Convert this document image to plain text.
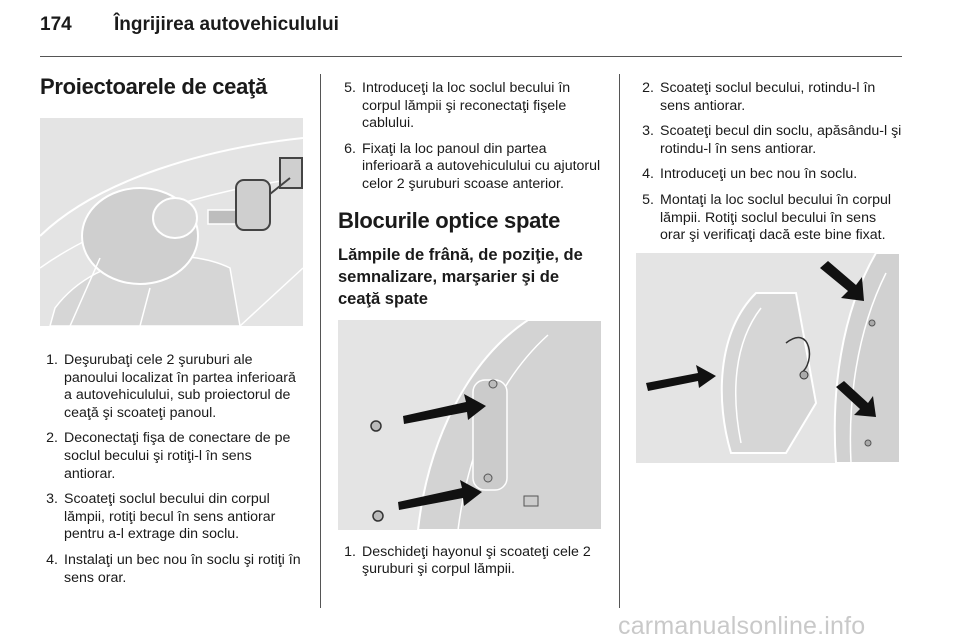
174	Îngrijirea autovehiculului
Proiectoarele de ceaţă
1. Deşurubaţi cele 2 şuruburi ale panoului localizat în partea inferioară a autovehiculului, sub proiectorul de ceaţă şi scoateţi panoul.
2. Deconectaţi fişa de conectare de pe soclul becului şi rotiţi-l în sens antiorar.
3. Scoateţi soclul becului din corpul lămpii, rotiţi becul în sens antiorar pentru a-l extrage din soclu.
4. Instalaţi un bec nou în soclu şi rotiţi în sens orar.
5. Introduceţi la loc soclul becului în corpul lămpii şi reconectaţi fişele cablului.
6. Fixaţi la loc panoul din partea inferioară a autovehiculului cu ajutorul celor 2 şuruburi scoase anterior.
Blocurile optice spate
Lămpile de frână, de poziţie, de semnalizare, marşarier şi de ceaţă spate
1. Deschideţi hayonul şi scoateţi cele 2 şuruburi şi corpul lămpii.
2. Scoateţi soclul becului, rotindu-l în sens antiorar.
3. Scoateţi becul din soclu, apăsându-l şi rotindu-l în sens antiorar.
4. Introduceţi un bec nou în soclu.
5. Montaţi la loc soclul becului în corpul lămpii. Rotiţi soclul becului în sens orar şi verificaţi dacă este bine fixat.
carmanualsonline.info
